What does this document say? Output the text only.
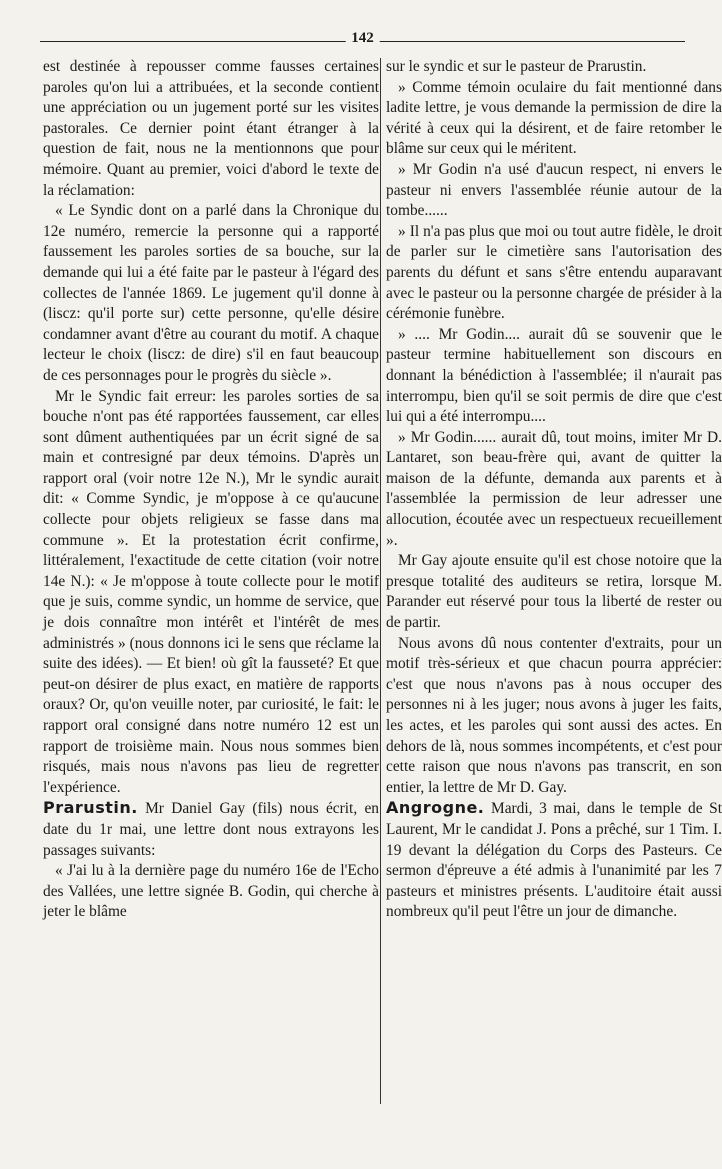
142

est destinée à repousser comme fausses certaines paroles qu'on lui a attribuées, et la seconde contient une appréciation ou un jugement porté sur les visites pastorales. Ce dernier point étant étranger à la question de fait, nous ne la mentionnons que pour mémoire. Quant au premier, voici d'abord le texte de la réclamation:

« Le Syndic dont on a parlé dans la Chronique du 12e numéro, remercie la personne qui a rapporté faussement les paroles sorties de sa bouche, sur la demande qui lui a été faite par le pasteur à l'égard des collectes de l'année 1869. Le jugement qu'il donne à (liscz: qu'il porte sur) cette personne, qu'elle désire condamner avant d'être au courant du motif. A chaque lecteur le choix (liscz: de dire) s'il en faut beaucoup de ces personnages pour le progrès du siècle ».

Mr le Syndic fait erreur: les paroles sorties de sa bouche n'ont pas été rapportées faussement, car elles sont dûment authentiquées par un écrit signé de sa main et contresigné par deux témoins. D'après un rapport oral (voir notre 12e N.), Mr le syndic aurait dit: « Comme Syndic, je m'oppose à ce qu'aucune collecte pour objets religieux se fasse dans ma commune ». Et la protestation écrit confirme, littéralement, l'exactitude de cette citation (voir notre 14e N.): « Je m'oppose à toute collecte pour le motif que je suis, comme syndic, un homme de service, que je dois connaître mon intérêt et l'intérêt de mes administrés » (nous donnons ici le sens que réclame la suite des idées). — Et bien! où gît la fausseté? Et que peut-on désirer de plus exact, en matière de rapports oraux? Or, qu'on veuille noter, par curiosité, le fait: le rapport oral consigné dans notre numéro 12 est un rapport de troisième main. Nous nous sommes bien risqués, mais nous n'avons pas lieu de regretter l'expérience.

Prarustin. Mr Daniel Gay (fils) nous écrit, en date du 1r mai, une lettre dont nous extrayons les passages suivants:

« J'ai lu à la dernière page du numéro 16e de l'Echo des Vallées, une lettre signée B. Godin, qui cherche à jeter le blâme

sur le syndic et sur le pasteur de Prarustin.

» Comme témoin oculaire du fait mentionné dans ladite lettre, je vous demande la permission de dire la vérité à ceux qui la désirent, et de faire retomber le blâme sur ceux qui le méritent.

» Mr Godin n'a usé d'aucun respect, ni envers le pasteur ni envers l'assemblée réunie autour de la tombe......

» Il n'a pas plus que moi ou tout autre fidèle, le droit de parler sur le cimetière sans l'autorisation des parents du défunt et sans s'être entendu auparavant avec le pasteur ou la personne chargée de présider à la cérémonie funèbre.

» .... Mr Godin.... aurait dû se souvenir que le pasteur termine habituellement son discours en donnant la bénédiction à l'assemblée; il n'aurait pas interrompu, bien qu'il se soit permis de dire que c'est lui qui a été interrompu....

» Mr Godin...... aurait dû, tout moins, imiter Mr D. Lantaret, son beau-frère qui, avant de quitter la maison de la défunte, demanda aux parents et à l'assemblée la permission de leur adresser une allocution, écoutée avec un respectueux recueillement ».

Mr Gay ajoute ensuite qu'il est chose notoire que la presque totalité des auditeurs se retira, lorsque M. Parander eut réservé pour tous la liberté de rester ou de partir.

Nous avons dû nous contenter d'extraits, pour un motif très-sérieux et que chacun pourra apprécier: c'est que nous n'avons pas à nous occuper des personnes ni à les juger; nous avons à juger les faits, les actes, et les paroles qui sont aussi des actes. En dehors de là, nous sommes incompétents, et c'est pour cette raison que nous n'avons pas transcrit, en son entier, la lettre de Mr D. Gay.

Angrogne. Mardi, 3 mai, dans le temple de St Laurent, Mr le candidat J. Pons a prêché, sur 1 Tim. I. 19 devant la délégation du Corps des Pasteurs. Ce sermon d'épreuve a été admis à l'unanimité par les 7 pasteurs et ministres présents. L'auditoire était aussi nombreux qu'il peut l'être un jour de dimanche.
